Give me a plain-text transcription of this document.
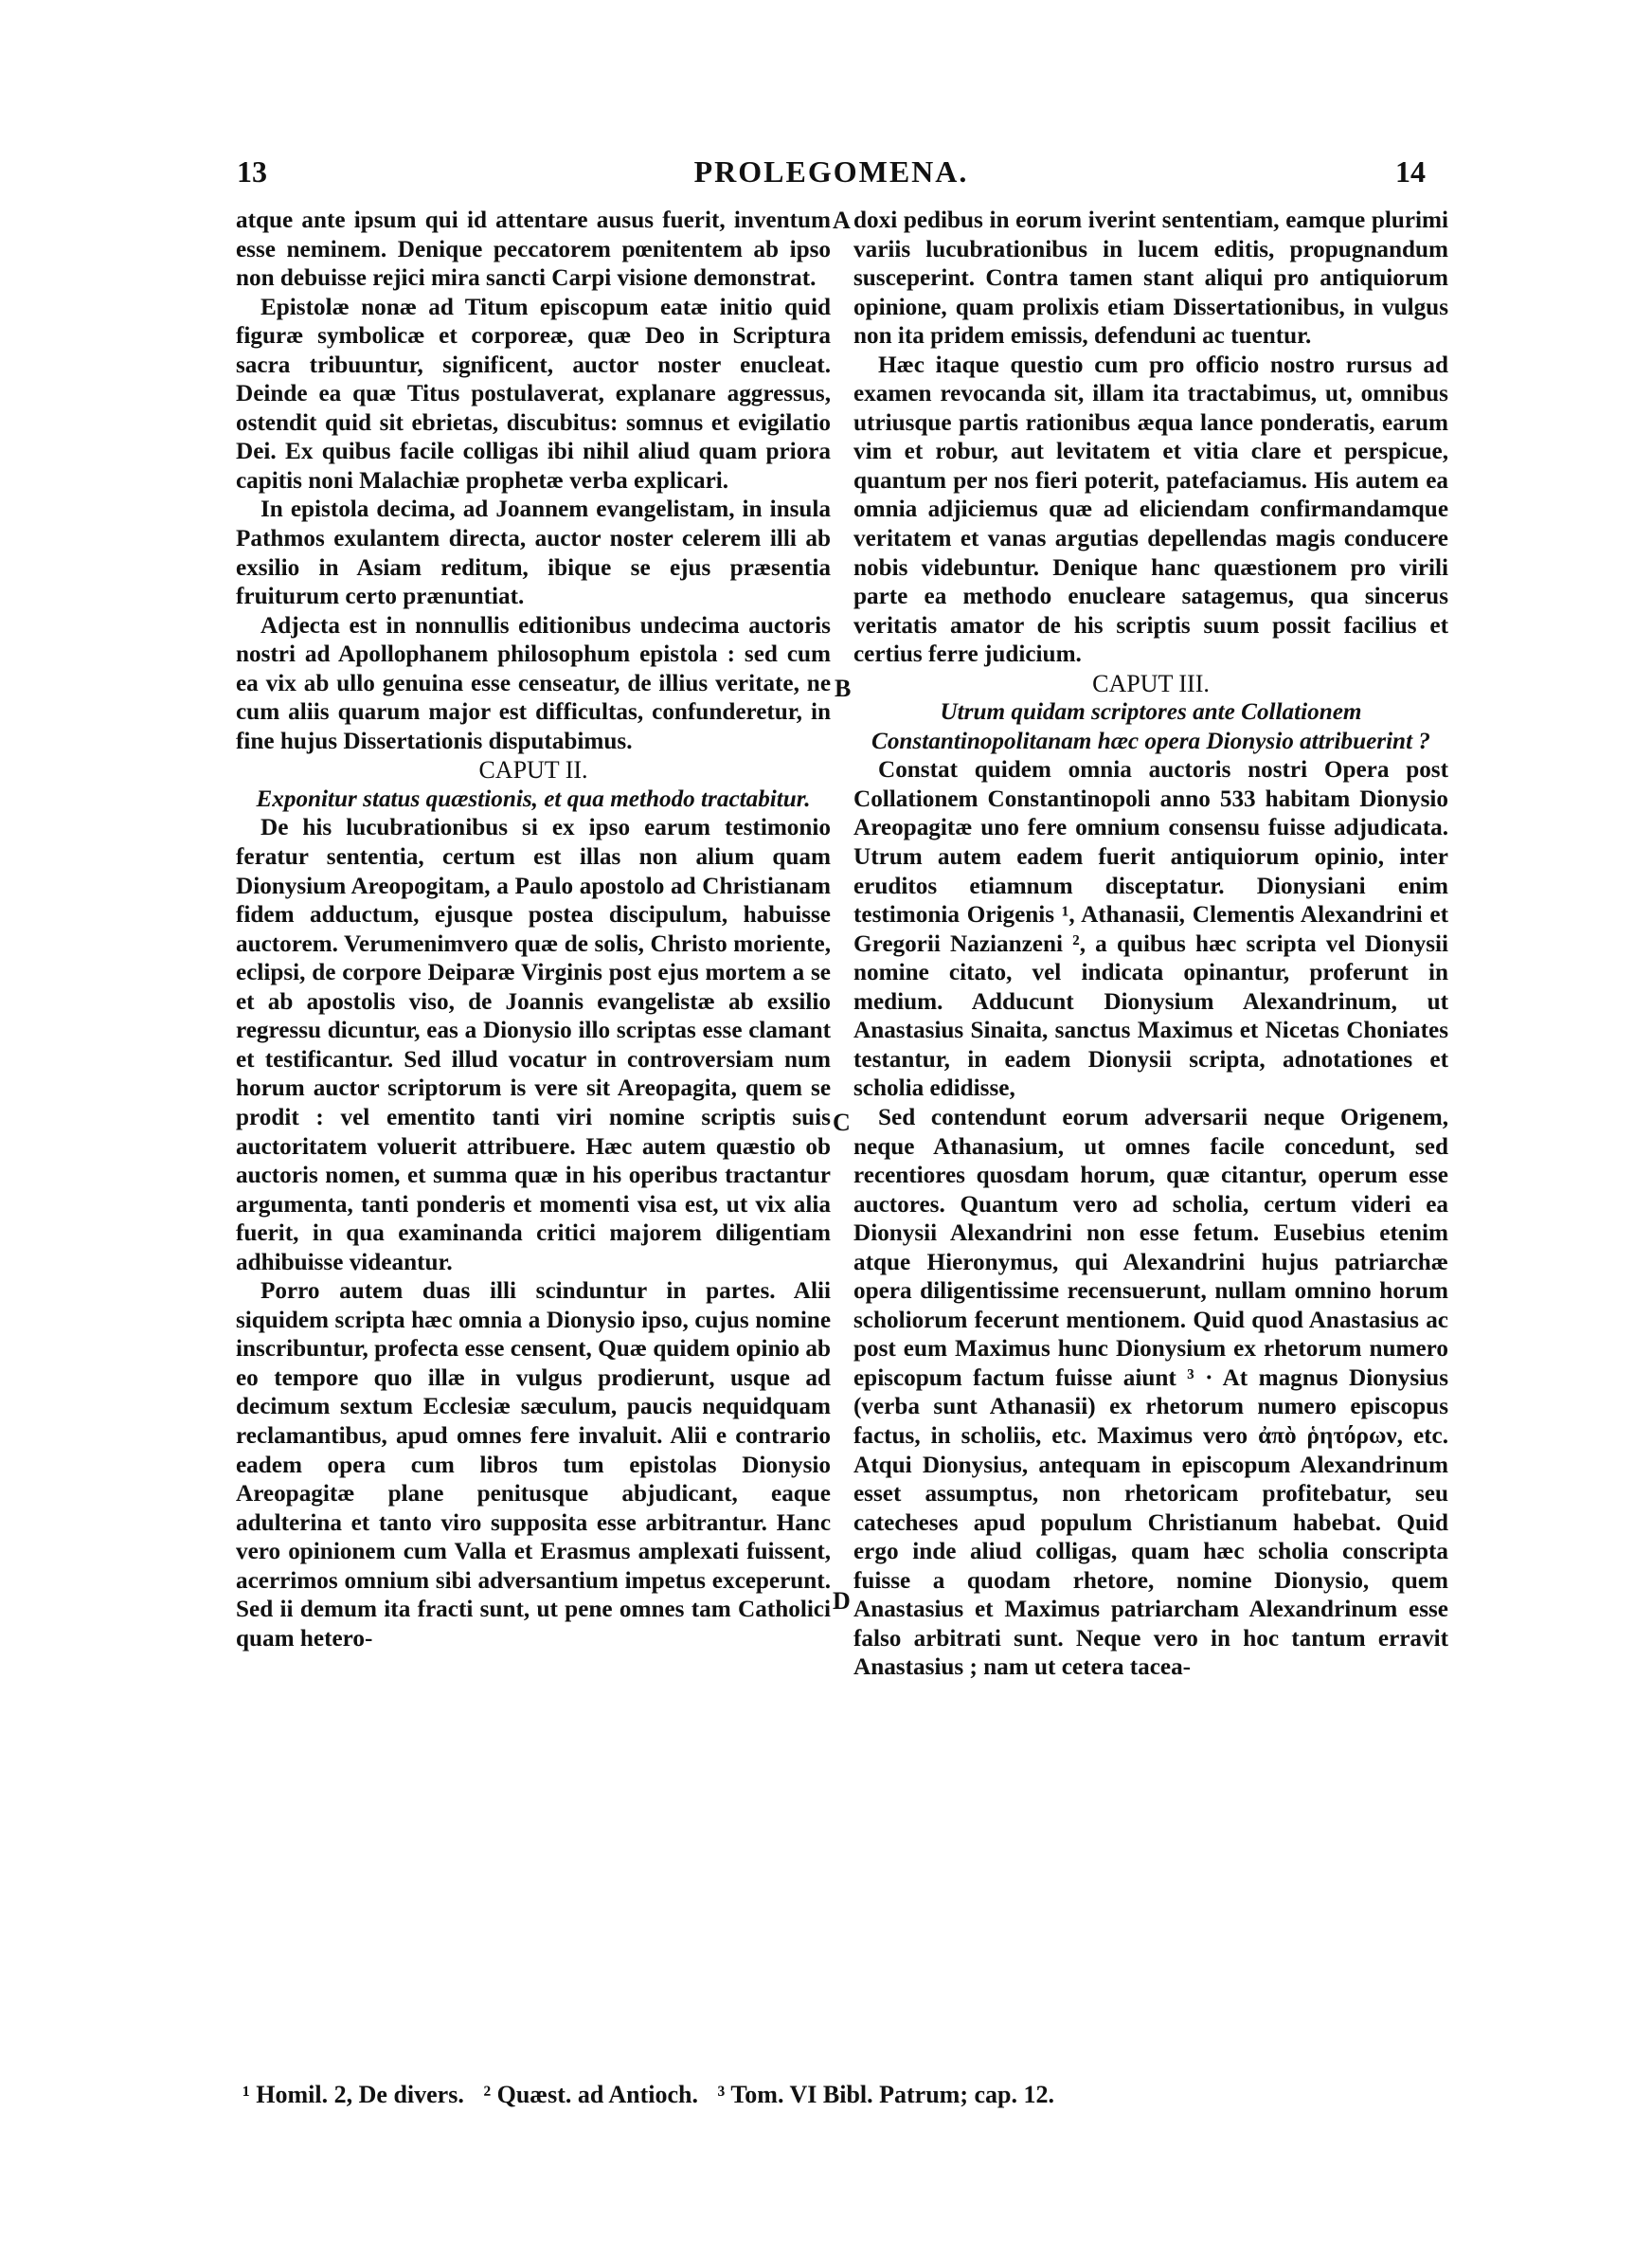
13	PROLEGOMENA.	14

atque ante ipsum qui id attentare ausus fuerit, inventum esse neminem. Denique peccatorem pœnitentem ab ipso non debuisse rejici mira sancti Carpi visione demonstrat.

Epistolæ nonæ ad Titum episcopum eatæ initio quid figuræ symbolicæ et corporeæ, quæ Deo in Scriptura sacra tribuuntur, significent, auctor noster enucleat. Deinde ea quæ Titus postulaverat, explanare aggressus, ostendit quid sit ebrietas, discubitus: somnus et evigilatio Dei. Ex quibus facile colligas ibi nihil aliud quam priora capitis noni Malachiæ prophetæ verba explicari.

In epistola decima, ad Joannem evangelistam, in insula Pathmos exulantem directa, auctor noster celerem illi ab exsilio in Asiam reditum, ibique se ejus præsentia fruiturum certo prænuntiat.

Adjecta est in nonnullis editionibus undecima auctoris nostri ad Apollophanem philosophum epistola : sed cum ea vix ab ullo genuina esse censeatur, de illius veritate, ne cum aliis quarum major est difficultas, confunderetur, in fine hujus Dissertationis disputabimus.

CAPUT II.

Exponitur status quæstionis, et qua methodo tractabitur.

De his lucubrationibus si ex ipso earum testimonio feratur sententia, certum est illas non alium quam Dionysium Areopogitam, a Paulo apostolo ad Christianam fidem adductum, ejusque postea discipulum, habuisse auctorem. Verumenimvero quæ de solis, Christo moriente, eclipsi, de corpore Deiparæ Virginis post ejus mortem a se et ab apostolis viso, de Joannis evangelistæ ab exsilio regressu dicuntur, eas a Dionysio illo scriptas esse clamant et testificantur. Sed illud vocatur in controversiam num horum auctor scriptorum is vere sit Areopagita, quem se prodit : vel ementito tanti viri nomine scriptis suis auctoritatem voluerit attribuere. Hæc autem quæstio ob auctoris nomen, et summa quæ in his operibus tractantur argumenta, tanti ponderis et momenti visa est, ut vix alia fuerit, in qua examinanda critici majorem diligentiam adhibuisse videantur.

Porro autem duas illi scinduntur in partes. Alii siquidem scripta hæc omnia a Dionysio ipso, cujus nomine inscribuntur, profecta esse censent, Quæ quidem opinio ab eo tempore quo illæ in vulgus prodierunt, usque ad decimum sextum Ecclesiæ sæculum, paucis nequidquam reclamantibus, apud omnes fere invaluit. Alii e contrario eadem opera cum libros tum epistolas Dionysio Areopagitæ plane penitusque abjudicant, eaque adulterina et tanto viro supposita esse arbitrantur. Hanc vero opinionem cum Valla et Erasmus amplexati fuissent, acerrimos omnium sibi adversantium impetus exceperunt. Sed ii demum ita fracti sunt, ut pene omnes tam Catholici quam hetero-

A
B
C
D

doxi pedibus in eorum iverint sententiam, eamque plurimi variis lucubrationibus in lucem editis, propugnandum susceperint. Contra tamen stant aliqui pro antiquiorum opinione, quam prolixis etiam Dissertationibus, in vulgus non ita pridem emissis, defenduni ac tuentur.

Hæc itaque questio cum pro officio nostro rursus ad examen revocanda sit, illam ita tractabimus, ut, omnibus utriusque partis rationibus æqua lance ponderatis, earum vim et robur, aut levitatem et vitia clare et perspicue, quantum per nos fieri poterit, patefaciamus. His autem ea omnia adjiciemus quæ ad eliciendam confirmandamque veritatem et vanas argutias depellendas magis conducere nobis videbuntur. Denique hanc quæstionem pro virili parte ea methodo enucleare satagemus, qua sincerus veritatis amator de his scriptis suum possit facilius et certius ferre judicium.

CAPUT III.

Utrum quidam scriptores ante Collationem Constantinopolitanam hæc opera Dionysio attribuerint ?

Constat quidem omnia auctoris nostri Opera post Collationem Constantinopoli anno 533 habitam Dionysio Areopagitæ uno fere omnium consensu fuisse adjudicata. Utrum autem eadem fuerit antiquiorum opinio, inter eruditos etiamnum disceptatur. Dionysiani enim testimonia Origenis ¹, Athanasii, Clementis Alexandrini et Gregorii Nazianzeni ², a quibus hæc scripta vel Dionysii nomine citato, vel indicata opinantur, proferunt in medium. Adducunt Dionysium Alexandrinum, ut Anastasius Sinaita, sanctus Maximus et Nicetas Choniates testantur, in eadem Dionysii scripta, adnotationes et scholia edidisse,

Sed contendunt eorum adversarii neque Origenem, neque Athanasium, ut omnes facile concedunt, sed recentiores quosdam horum, quæ citantur, operum esse auctores. Quantum vero ad scholia, certum videri ea Dionysii Alexandrini non esse fetum. Eusebius etenim atque Hieronymus, qui Alexandrini hujus patriarchæ opera diligentissime recensuerunt, nullam omnino horum scholiorum fecerunt mentionem. Quid quod Anastasius ac post eum Maximus hunc Dionysium ex rhetorum numero episcopum factum fuisse aiunt ³ · At magnus Dionysius (verba sunt Athanasii) ex rhetorum numero episcopus factus, in scholiis, etc. Maximus vero ἀπὸ ῥητόρων, etc. Atqui Dionysius, antequam in episcopum Alexandrinum esset assumptus, non rhetoricam profitebatur, seu catecheses apud populum Christianum habebat. Quid ergo inde aliud colligas, quam hæc scholia conscripta fuisse a quodam rhetore, nomine Dionysio, quem Anastasius et Maximus patriarcham Alexandrinum esse falso arbitrati sunt. Neque vero in hoc tantum erravit Anastasius ; nam ut cetera tacea-

¹ Homil. 2, De divers. ² Quæst. ad Antioch. ³ Tom. VI Bibl. Patrum; cap. 12.
